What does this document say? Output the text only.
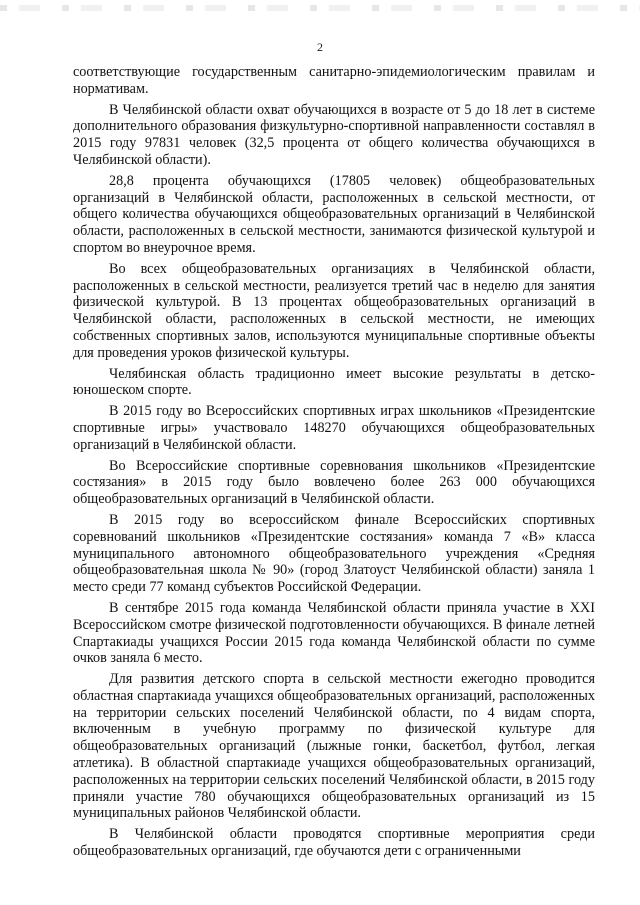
2

соответствующие государственным санитарно-эпидемиологическим правилам и нормативам.

В Челябинской области охват обучающихся в возрасте от 5 до 18 лет в системе дополнительного образования физкультурно-спортивной направленности составлял в 2015 году 97831 человек (32,5 процента от общего количества обучающихся в Челябинской области).

28,8 процента обучающихся (17805 человек) общеобразовательных организаций в Челябинской области, расположенных в сельской местности, от общего количества обучающихся общеобразовательных организаций в Челябинской области, расположенных в сельской местности, занимаются физической культурой и спортом во внеурочное время.

Во всех общеобразовательных организациях в Челябинской области, расположенных в сельской местности, реализуется третий час в неделю для занятия физической культурой. В 13 процентах общеобразовательных организаций в Челябинской области, расположенных в сельской местности, не имеющих собственных спортивных залов, используются муниципальные спортивные объекты для проведения уроков физической культуры.

Челябинская область традиционно имеет высокие результаты в детско-юношеском спорте.

В 2015 году во Всероссийских спортивных играх школьников «Президентские спортивные игры» участвовало 148270 обучающихся общеобразовательных организаций в Челябинской области.

Во Всероссийские спортивные соревнования школьников «Президентские состязания» в 2015 году было вовлечено более 263 000 обучающихся общеобразовательных организаций в Челябинской области.

В 2015 году во всероссийском финале Всероссийских спортивных соревнований школьников «Президентские состязания» команда 7 «В» класса муниципального автономного общеобразовательного учреждения «Средняя общеобразовательная школа № 90» (город Златоуст Челябинской области) заняла 1 место среди 77 команд субъектов Российской Федерации.

В сентябре 2015 года команда Челябинской области приняла участие в XXI Всероссийском смотре физической подготовленности обучающихся. В финале летней Спартакиады учащихся России 2015 года команда Челябинской области по сумме очков заняла 6 место.

Для развития детского спорта в сельской местности ежегодно проводится областная спартакиада учащихся общеобразовательных организаций, расположенных на территории сельских поселений Челябинской области, по 4 видам спорта, включенным в учебную программу по физической культуре для общеобразовательных организаций (лыжные гонки, баскетбол, футбол, легкая атлетика). В областной спартакиаде учащихся общеобразовательных организаций, расположенных на территории сельских поселений Челябинской области, в 2015 году приняли участие 780 обучающихся общеобразовательных организаций из 15 муниципальных районов Челябинской области.

В Челябинской области проводятся спортивные мероприятия среди общеобразовательных организаций, где обучаются дети с ограниченными
